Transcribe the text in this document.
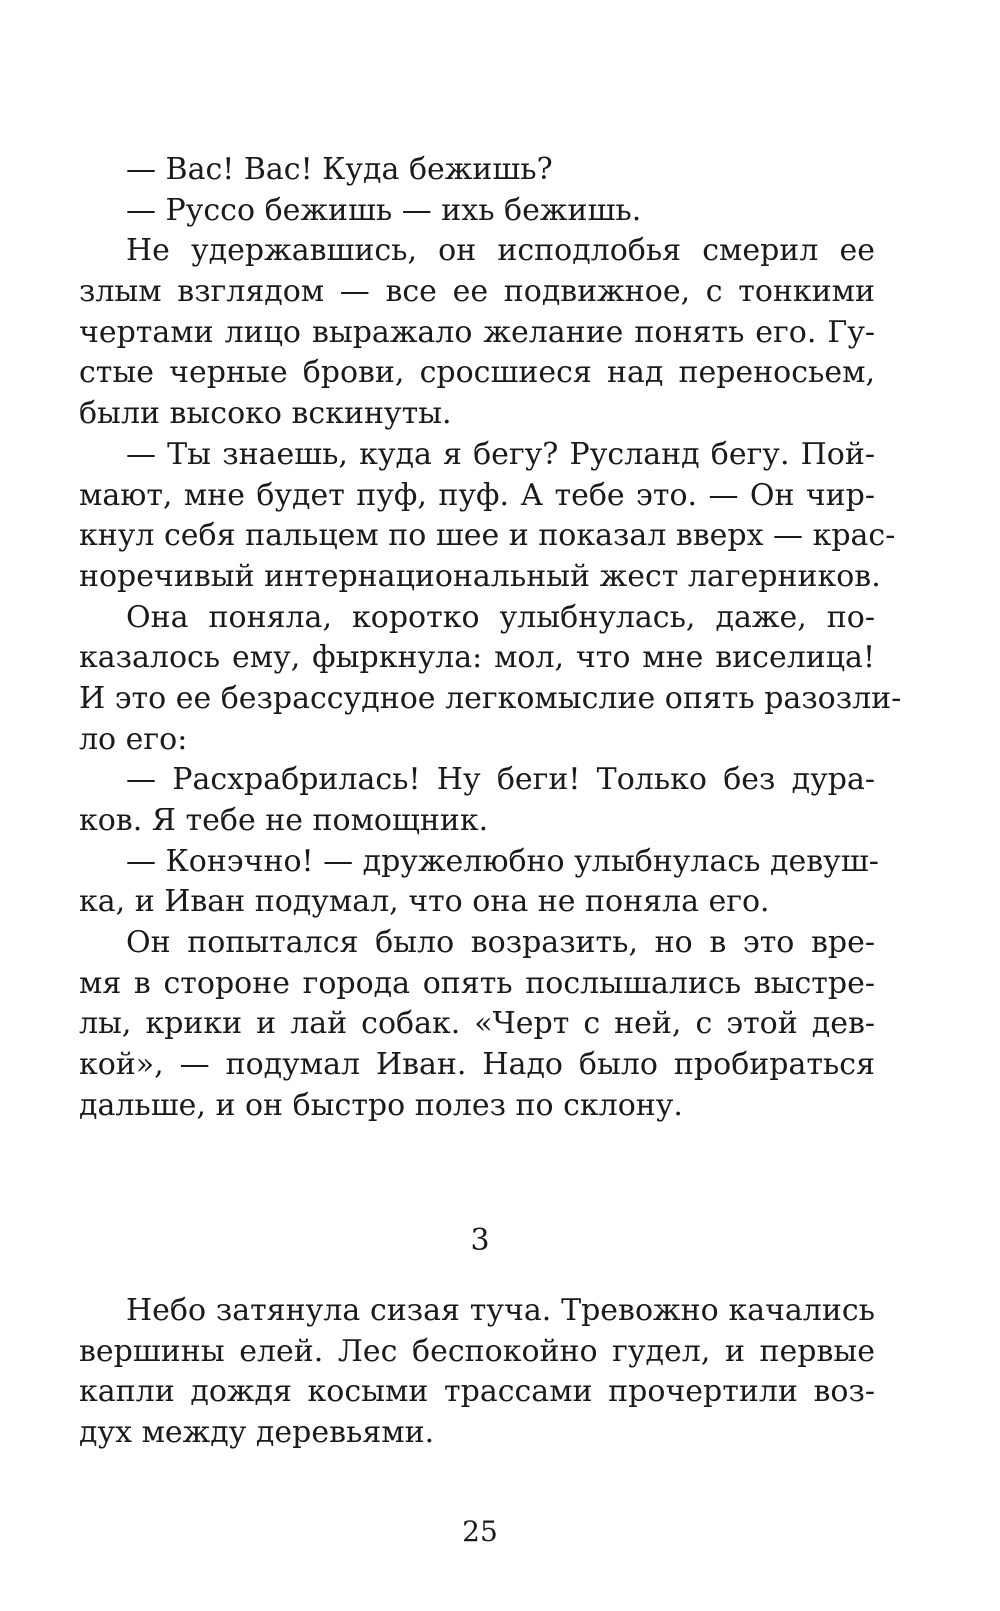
— Вас! Вас! Куда бежишь?
— Руссо бежишь — ихь бежишь.
Не удержавшись, он исподлобья смерил ее
злым взглядом — все ее подвижное, с тонкими
чертами лицо выражало желание понять его. Гу-
стые черные брови, сросшиеся над переносьем,
были высоко вскинуты.
— Ты знаешь, куда я бегу? Русланд бегу. Пой-
мают, мне будет пуф, пуф. А тебе это. — Он чир-
кнул себя пальцем по шее и показал вверх — крас-
норечивый интернациональный жест лагерников.
Она поняла, коротко улыбнулась, даже, по-
казалось ему, фыркнула: мол, что мне виселица!
И это ее безрассудное легкомыслие опять разозли-
ло его:
— Расхрабрилась! Ну беги! Только без дура-
ков. Я тебе не помощник.
— Конэчно! — дружелюбно улыбнулась девуш-
ка, и Иван подумал, что она не поняла его.
Он попытался было возразить, но в это вре-
мя в стороне города опять послышались выстре-
лы, крики и лай собак. «Черт с ней, с этой дев-
кой», — подумал Иван. Надо было пробираться
дальше, и он быстро полез по склону.
3
Небо затянула сизая туча. Тревожно качались
вершины елей. Лес беспокойно гудел, и первые
капли дождя косыми трассами прочертили воз-
дух между деревьями.
25
